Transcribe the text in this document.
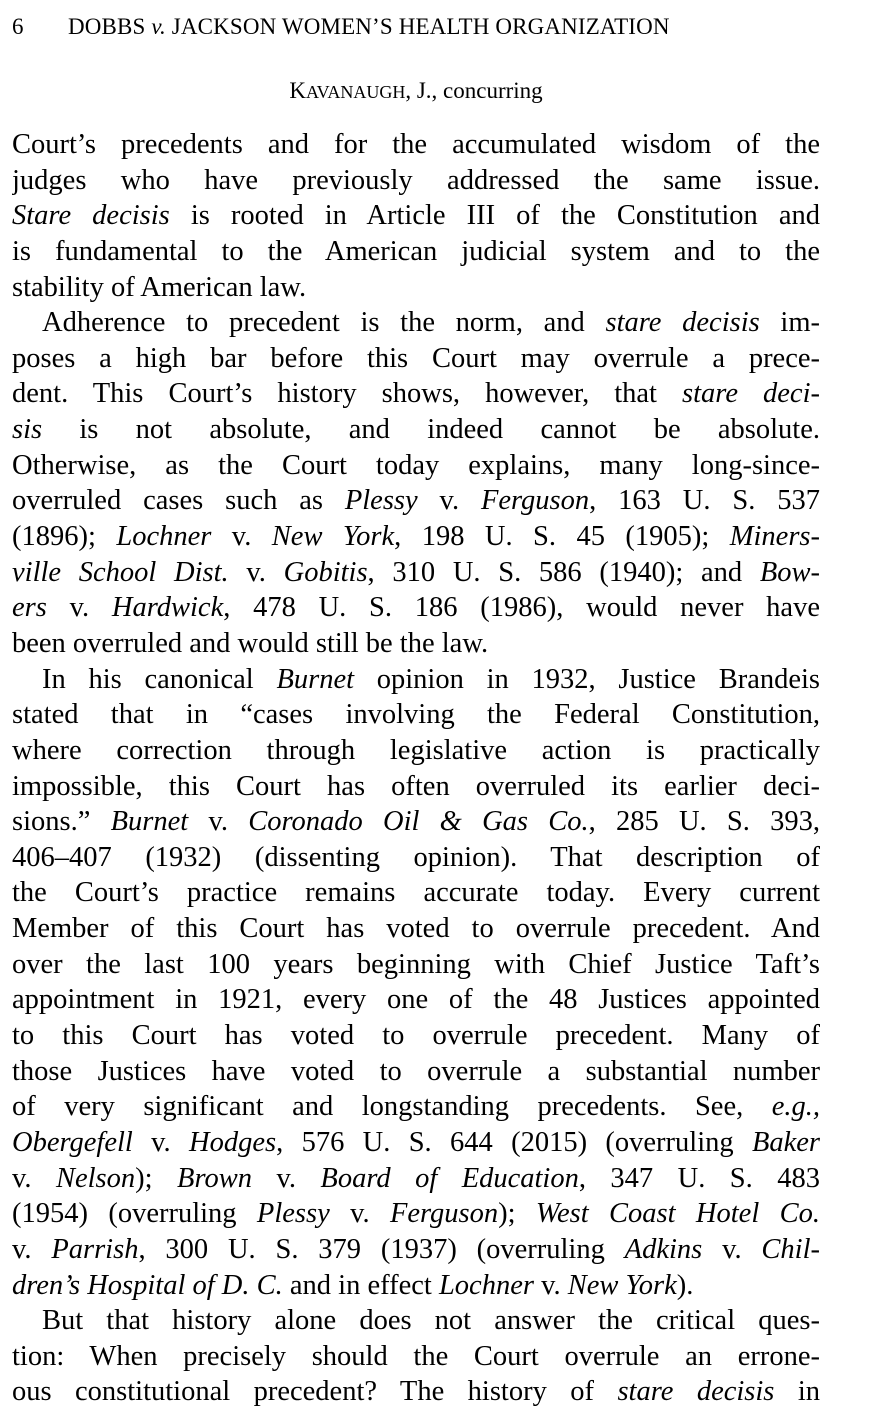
6 DOBBS v. JACKSON WOMEN’S HEALTH ORGANIZATION
KAVANAUGH, J., concurring
Court’s precedents and for the accumulated wisdom of the
judges who have previously addressed the same issue.
Stare decisis is rooted in Article III of the Constitution and
is fundamental to the American judicial system and to the
stability of American law.
Adherence to precedent is the norm, and stare decisis im-
poses a high bar before this Court may overrule a prece-
dent. This Court’s history shows, however, that stare deci-
sis is not absolute, and indeed cannot be absolute.
Otherwise, as the Court today explains, many long-since-
overruled cases such as Plessy v. Ferguson, 163 U. S. 537
(1896); Lochner v. New York, 198 U. S. 45 (1905); Miners-
ville School Dist. v. Gobitis, 310 U. S. 586 (1940); and Bow-
ers v. Hardwick, 478 U. S. 186 (1986), would never have
been overruled and would still be the law.
In his canonical Burnet opinion in 1932, Justice Brandeis
stated that in “cases involving the Federal Constitution,
where correction through legislative action is practically
impossible, this Court has often overruled its earlier deci-
sions.” Burnet v. Coronado Oil & Gas Co., 285 U. S. 393,
406–407 (1932) (dissenting opinion). That description of
the Court’s practice remains accurate today. Every current
Member of this Court has voted to overrule precedent. And
over the last 100 years beginning with Chief Justice Taft’s
appointment in 1921, every one of the 48 Justices appointed
to this Court has voted to overrule precedent. Many of
those Justices have voted to overrule a substantial number
of very significant and longstanding precedents. See, e.g.,
Obergefell v. Hodges, 576 U. S. 644 (2015) (overruling Baker
v. Nelson); Brown v. Board of Education, 347 U. S. 483
(1954) (overruling Plessy v. Ferguson); West Coast Hotel Co.
v. Parrish, 300 U. S. 379 (1937) (overruling Adkins v. Chil-
dren’s Hospital of D. C. and in effect Lochner v. New York).
But that history alone does not answer the critical ques-
tion: When precisely should the Court overrule an errone-
ous constitutional precedent? The history of stare decisis in
